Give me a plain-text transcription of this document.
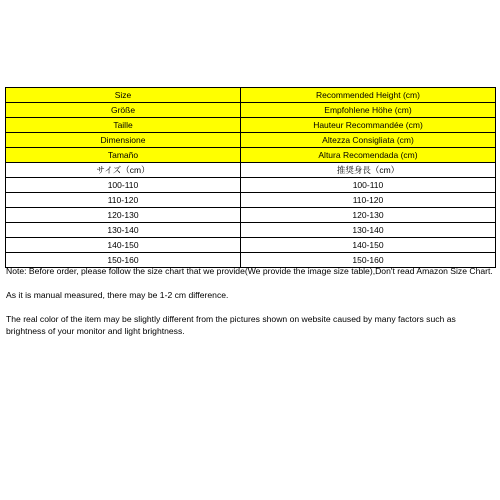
Size	Recommended Height (cm)
Größe	Empfohlene Höhe (cm)
Taille	Hauteur Recommandée (cm)
Dimensione	Altezza Consigliata (cm)
Tamaño	Altura Recomendada (cm)
サイズ（cm）	推奨身長（cm）
100-110	100-110
110-120	110-120
120-130	120-130
130-140	130-140
140-150	140-150
150-160	150-160

Note: Before order, please follow the size chart that we provide(We provide the image size table),Don't read Amazon Size Chart.

As it is manual measured, there may be 1-2 cm difference.

The real color of the item may be slightly different from the pictures shown on website caused by many factors such as brightness of your monitor and light brightness.
